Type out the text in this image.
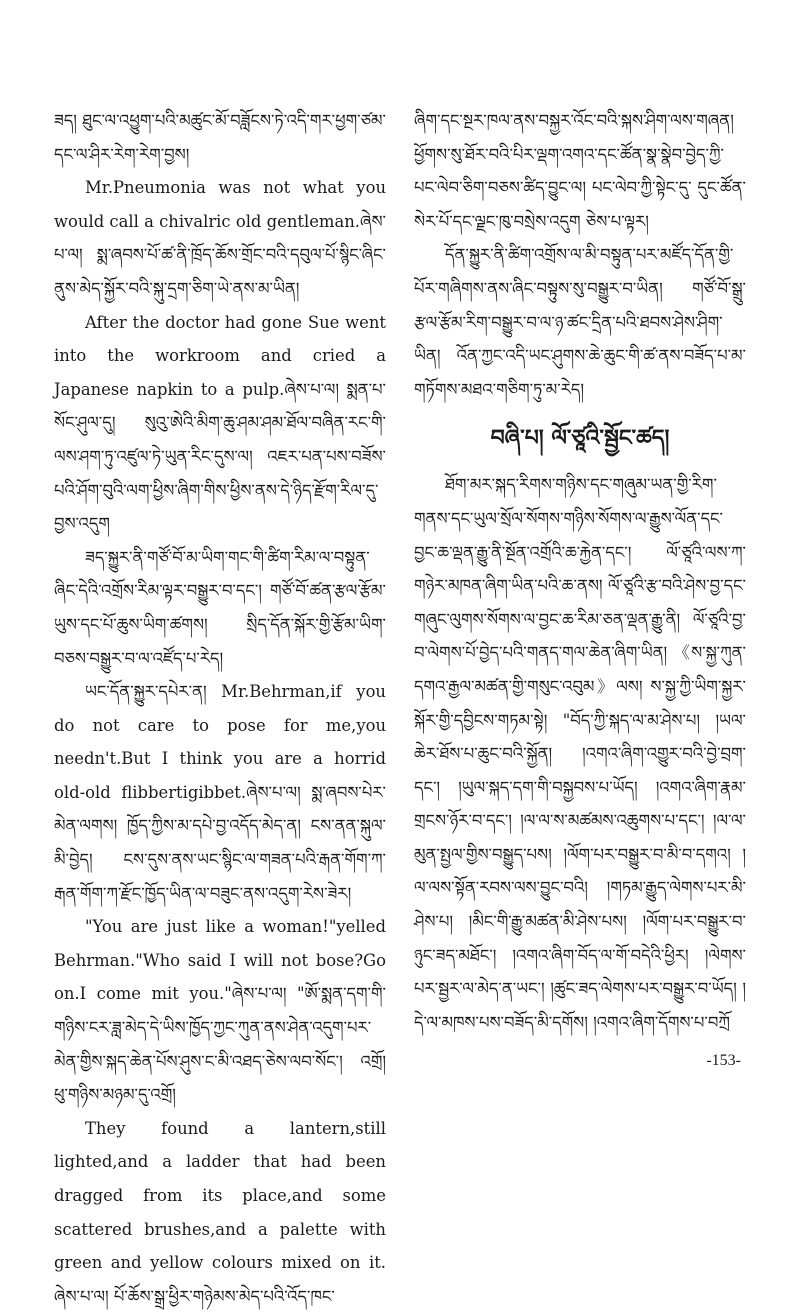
ཟད། ཐུང་ལ་འཕྱུག་པའི་མཚུང་མོ་བཟློངས་ཏེ་འདི་གར་ཕྱག་ཙམ་དང་ལ་ཤིར་རེག་རེག་བྱས།

Mr.Pneumonia was not what you would call a chivalric old gentleman.ཞེས་པ་ལ། སྨ་ཞབས་པོ་ཚ་ནི་ཁྲོད་ཆོས་གྲོང་བའི་དབུལ་པོ་སྙིང་ཞིང་ནུས་མེད་སྐྱོར་བའི་སྐུ་དྲག་ཅིག་ཡེ་ནས་མ་ཡིན།

After the doctor had gone Sue went into the workroom and cried a Japanese napkin to a pulp.ཞེས་པ་ལ། སྨན་པ་སོང་ཤུལ་དུ། སུའུ་ཨེའི་མིག་ཆུ་ཤམ་ཤམ་ཐོལ་བཞིན་རང་གི་ལས་ཤག་ཏུ་འཛུལ་ཏེ་ཡུན་རིང་དུས་ལ། འཇར་པན་པས་བཟོས་པའི་ཤོག་བུའི་ལག་ཕྱིས་ཞིག་གིས་ཕྱིས་ནས་དེ་ཉིད་རྫོག་རིལ་དུ་བྱས་འདུག

ཟད་སྐྱུར་ནི་གཙོ་བོ་མ་ཡིག་གང་གི་ཚིག་རིམ་ལ་བསྟུན་ཞིང་དེའི་འགྲོས་རིམ་ལྟར་བསྒྱུར་བ་དང་། གཙོ་བོ་ཚན་རྩལ་རྩོམ་ཡུས་དང་པོ་ཆུས་ཡིག་ཚགས། སྲིད་དོན་སྐོར་གྱི་རྩོམ་ཡིག་བཅས་བསྒྱུར་བ་ལ་འཛོད་པ་རེད།

ཡང་དོན་སྐྱུར་དཔེར་ན། Mr.Behrman,if you do not care to pose for me,you needn't.But I think you are a horrid old-old flibbertigibbet.ཞེས་པ་ལ། སྨ་ཞབས་པེར་མེན་ལགས། ཁྱོད་ཀྱིས་མ་དཔེ་བྱ་འདོད་མེད་ན། ངས་ནན་སྐུལ་མི་བྱེད། ངས་དུས་ནས་ཡང་སྙིང་ལ་གཟན་པའི་རྒན་གོག་ཀ་ རྒན་གོག་ཀ་རྫོང་ཁྱོད་ཡིན་ལ་བཟུང་ནས་འདུག་རེས་ཟེར།

"You are just like a woman!"yelled Behrman."Who said I will not bose?Go on.I come mit you."ཞེས་པ་ལ། "ཨོ་སྨན་དག་གི་གཉིས་ངར་ཟླ་མེད་དེ་ཡིས་ཁྱོད་ཀྱང་ཀུན་ནས་ཤེན་འདུག་པར་མེན་གྱིས་སྐད་ཆེན་པོས་ཤུས་ང་མི་འཐད་ཅེས་ལབ་སོང་། འགྲོ། ཕུ་གཉིས་མཉམ་དུ་འགྲོ།

They found a lantern,still lighted,and a ladder that had been dragged from its place,and some scattered brushes,and a palette with green and yellow colours mixed on it. ཞེས་པ་ལ། པོ་ཆོས་སྒྲ་ཕྱིར་གཉེམས་མེད་པའི་འོད་ཁང་

ཞིག་དང་སྔར་ཁལ་ནས་བསྐྱར་འོང་བའི་སྐས་ཤིག་ལས་གཞན། ཕྱོགས་སུ་ཐོར་བའི་པིར་ལྡག་འགའ་དང་ཚོན་སྣ་སྣེབ་བྱེད་ཀྱི་པང་ལེབ་ཅིག་བཅས་ཚིད་བྱུང་ལ། པང་ལེབ་ཀྱི་སྟེང་དུ་ དུང་ཚོན་སེར་པོ་དང་ལྗང་ཁུ་བསྲེས་འདུག ཅེས་པ་ལྟར།

དོན་སྐྱུར་ནི་ཚིག་འགྲོས་ལ་མི་བསྟུན་པར་མཛོད་དོན་གྱི་པོར་གཞིགས་ནས་ཞིང་བསྟུས་སུ་བསྒྱུར་བ་ཡིན། གཙོ་བོ་སྒྲུ་རྩལ་རྩོམ་རིག་བསྒྱུར་བ་ལ་ཉ་ཚང་དྲིན་པའི་ཐབས་ཤེས་ཤིག་ཡིན། འོན་ཀྱང་འདི་ཡང་ཤུགས་ཆེ་ཆུང་གི་ཚ་ནས་བཟོད་པ་མ་གཏོགས་མཐའ་གཅིག་ཏུ་མ་རེད།

བཞི་པ། ལོ་ཙཱའི་སྦྱོང་ཚད།

ཐོག་མར་སྐད་རིགས་གཉིས་དང་གཞུམ་ཡན་གྱི་རིག་གནས་དང་ཡུལ་སྲོལ་སོགས་གཉིས་སོགས་ལ་རྒྱུས་ལོན་དང་བྱང་ཆ་ལྡན་རྒྱུ་ནི་སྔོན་འགྲོའི་ཆ་རྐྱེན་དང་། ལོ་ཙཱའི་ལས་ཀ་གཉེར་མཁན་ཞིག་ཡིན་པའི་ཆ་ནས། ལོ་ཙཱའི་རྩ་བའི་ཤེས་བྱ་དང་གཞུང་ལུགས་སོགས་ལ་བྱང་ཆ་རིམ་ཅན་ལྡན་རྒྱུ་ནི། ལོ་ཙཱའི་བྱ་བ་ལེགས་པོ་བྱེད་པའི་གནད་གལ་ཆེན་ཞིག་ཡིན། 《ས་སྐྱ་ཀུན་དགའ་རྒྱལ་མཚན་གྱི་གསུང་འབུམ》ལས། ས་སྐྱ་ཀྱི་ཡིག་སྐྱར་སྐོར་གྱི་དབྱིངས་གཏམ་སྟེ། "བོད་ཀྱི་སྐད་ལ་མ་ཤེས་པ། །ཡལ་ཆེར་ཐོས་པ་ཆུང་བའི་སྐྱོན། །འགའ་ཞིག་འགྱུར་བའི་བྱེ་བྲག་དང་། །ཡུལ་སྐད་དག་གི་བསྐྱབས་པ་ཡོད། །འགའ་ཞིག་རྣམ་གྲངས་ཉོར་བ་དང་། །ལ་ལ་ས་མཚམས་འཆུགས་པ་དང་། །ལ་ལ་མུན་སྤྱལ་གྱིས་བསྒྱུད་པས། །ལོག་པར་བསྒྱུར་བ་མི་བ་དགའ། །ལ་ལས་སྟོན་རབས་ལས་བྱུང་བའི། །གཏམ་རྒྱུད་ལེགས་པར་མི་ཤེས་པ། །མིང་གི་རྒྱུ་མཚན་མི་ཤེས་པས། །ལོག་པར་བསྒྱུར་བ་ཉུང་ཟད་མཐོང་། །འགའ་ཞིག་བོད་ལ་གོ་བདེའི་ཕྱིར། །ལེགས་པར་སྦྱར་ལ་མེད་ན་ཡང་། །ཚུང་ཟད་ལེགས་པར་བསྒྱུར་བ་ཡོད། །དེ་ལ་མཁས་པས་བཟོད་མི་དགོས། །འགའ་ཞིག་དོགས་པ་བཀྲོ

-153-
